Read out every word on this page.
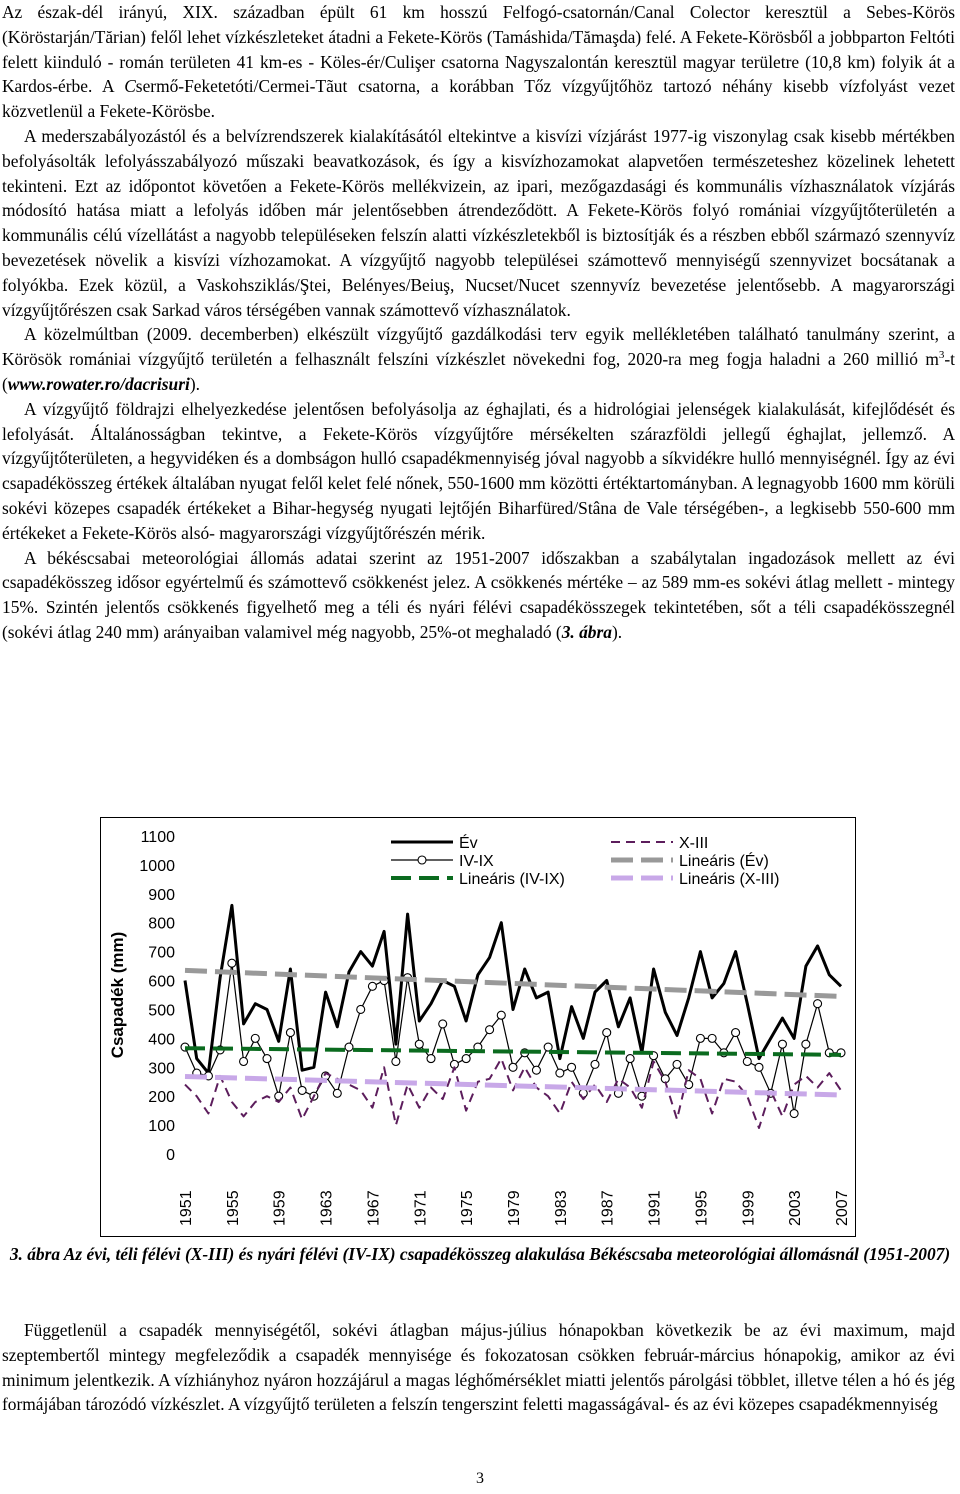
Az észak-dél irányú, XIX. században épült 61 km hosszú Felfogó-csatornán/Canal Colector keresztül a Sebes-Körös (Köröstarján/Tărian) felől lehet vízkészleteket átadni a Fekete-Körös (Tamáshida/Tămaşda) felé. A Fekete-Körösből a jobbparton Feltóti felett kiinduló - román területen 41 km-es - Köles-ér/Culişer csatorna Nagyszalontán keresztül magyar területre (10,8 km) folyik át a Kardos-érbe. A Csermő-Feketetóti/Cermei-Tãut csatorna, a korábban Tőz vízgyűjtőhöz tartozó néhány kisebb vízfolyást vezet közvetlenül a Fekete-Körösbe.

A mederszabályozástól és a belvízrendszerek kialakításától eltekintve a kisvízi vízjárást 1977-ig viszonylag csak kisebb mértékben befolyásolták lefolyásszabályozó műszaki beavatkozások, és így a kisvízhozamokat alapvetően természeteshez közelinek lehetett tekinteni. Ezt az időpontot követően a Fekete-Körös mellékvizein, az ipari, mezőgazdasági és kommunális vízhasználatok vízjárás módosító hatása miatt a lefolyás időben már jelentősebben átrendeződött. A Fekete-Körös folyó romániai vízgyűjtőterületén a kommunális célú vízellátást a nagyobb településeken felszín alatti vízkészletekből is biztosítják és a részben ebből származó szennyvíz bevezetések növelik a kisvízi vízhozamokat. A vízgyűjtő nagyobb települései számottevő mennyiségű szennyvizet bocsátanak a folyókba. Ezek közül, a Vaskohsziklás/Ştei, Belényes/Beiuş, Nucset/Nucet szennyvíz bevezetése jelentősebb. A magyarországi vízgyűjtőrészen csak Sarkad város térségében vannak számottevő vízhasználatok.

A közelmúltban (2009. decemberben) elkészült vízgyűjtő gazdálkodási terv egyik mellékletében található tanulmány szerint, a Körösök romániai vízgyűjtő területén a felhasznált felszíni vízkészlet növekedni fog, 2020-ra meg fogja haladni a 260 millió $m^3-t$ (www.rowater.ro/dacrisuri).

A vízgyűjtő földrajzi elhelyezkedése jelentősen befolyásolja az éghajlati, és a hidrológiai jelenségek kialakulását, kifejlődését és lefolyását. Általánosságban tekintve, a Fekete-Körös vízgyűjtőre mérsékelten szárazföldi jellegű éghajlat, jellemző. A vízgyűjtőterületen, a hegyvidéken és a dombságon hulló csapadékmennyiség jóval nagyobb a síkvidékre hulló mennyiségnél. Így az évi csapadékösszeg értékek általában nyugat felől kelet felé nőnek, 550-1600 mm közötti értéktartományban. A legnagyobb 1600 mm körüli sokévi közepes csapadék értékeket a Bihar-hegység nyugati lejtőjén Biharfüred/Stâna de Vale térségében-, a legkisebb 550-600 mm értékeket a Fekete-Körös alsó- magyarországi vízgyűjtőrészén mérik.

A békéscsabai meteorológiai állomás adatai szerint az 1951-2007 időszakban a szabálytalan ingadozások mellett az évi csapadékösszeg idősor egyértelmű és számottevő csökkenést jelez. A csökkenés mértéke – az 589 mm-es sokévi átlag mellett - mintegy 15%. Szintén jelentős csökkenés figyelhető meg a téli és nyári félévi csapadékösszegek tekintetében, sőt a téli csapadékösszegnél (sokévi átlag 240 mm) arányaiban valamivel még nagyobb, 25%-ot meghaladó (3. ábra).

Csapadék (mm)
0
100
200
300
400
500
600
700
800
900
1000
1100
1951 1955 1959 1963 1967 1971 1975 1979 1983 1987 1991 1995 1999 2003 2007
Év
IV-IX
X-III
Lineáris (Év)
Lineáris (IV-IX)	Lineáris (X-III)
3. ábra Az évi, téli félévi (X-III) és nyári félévi (IV-IX) csapadékösszeg alakulása Békéscsaba meteorológiai állomásnál (1951-2007)

Függetlenül a csapadék mennyiségétől, sokévi átlagban május-július hónapokban következik be az évi maximum, majd szeptembertől mintegy megfeleződik a csapadék mennyisége és fokozatosan csökken február-március hónapokig, amikor az évi minimum jelentkezik. A vízhiányhoz nyáron hozzájárul a magas léghőmérséklet miatti jelentős párolgási többlet, illetve télen a hó és jég formájában tározódó vízkészlet. A vízgyűjtő területen a felszín tengerszint feletti magasságával- és az évi közepes csapadékmennyiség

3
